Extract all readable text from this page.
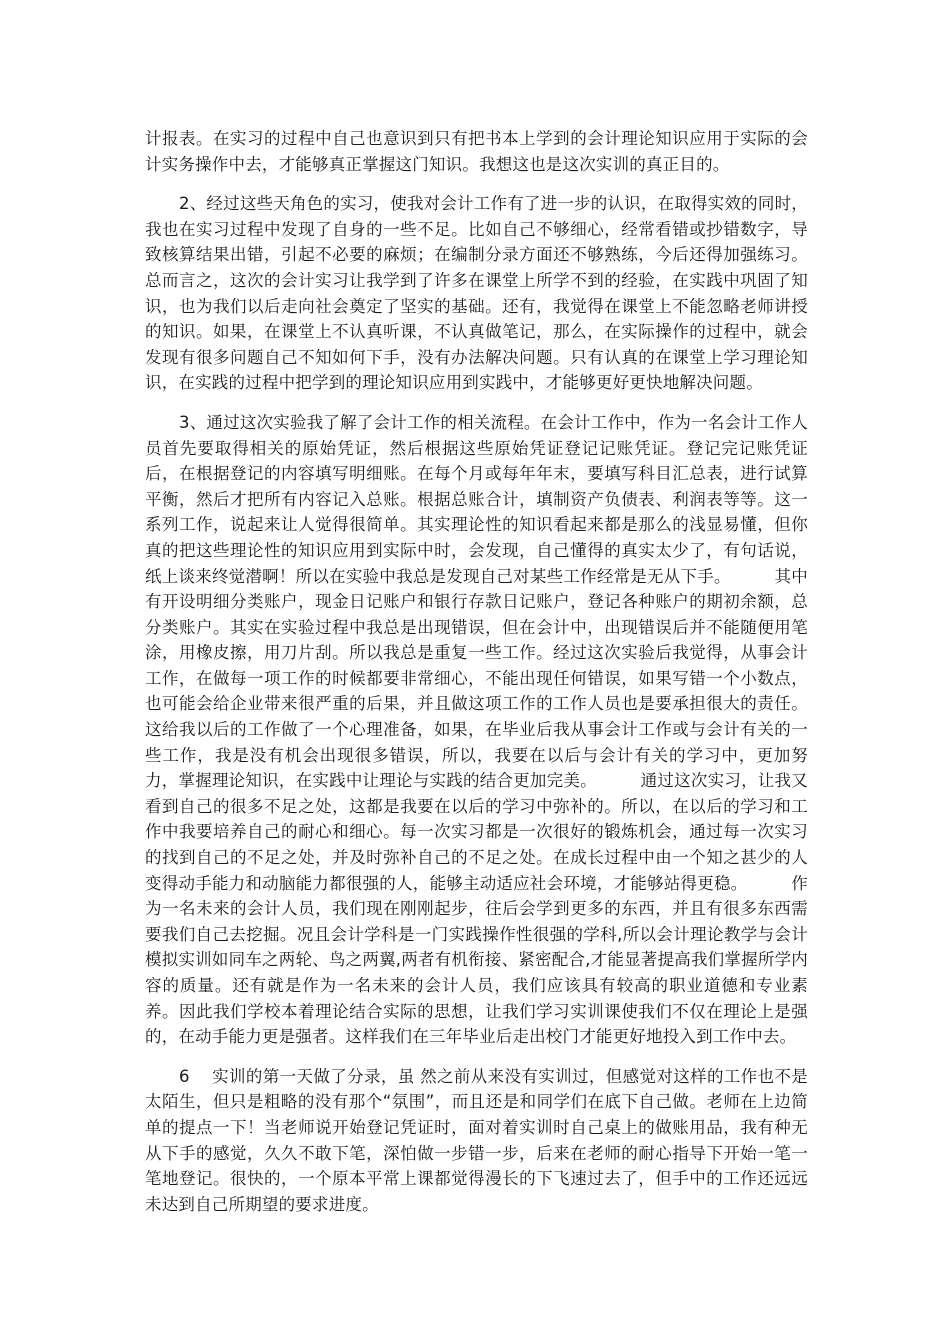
计报表。在实习的过程中自己也意识到只有把书本上学到的会计理论知识应用于实际的会计实务操作中去，才能够真正掌握这门知识。我想这也是这次实训的真正目的。

2、经过这些天角色的实习，使我对会计工作有了进一步的认识，在取得实效的同时，我也在实习过程中发现了自身的一些不足。比如自己不够细心，经常看错或抄错数字，导致核算结果出错，引起不必要的麻烦；在编制分录方面还不够熟练，今后还得加强练习。总而言之，这次的会计实习让我学到了许多在课堂上所学不到的经验，在实践中巩固了知识，也为我们以后走向社会奠定了坚实的基础。还有，我觉得在课堂上不能忽略老师讲授的知识。如果，在课堂上不认真听课，不认真做笔记，那么，在实际操作的过程中，就会发现有很多问题自己不知如何下手，没有办法解决问题。只有认真的在课堂上学习理论知识，在实践的过程中把学到的理论知识应用到实践中，才能够更好更快地解决问题。

3、通过这次实验我了解了会计工作的相关流程。在会计工作中，作为一名会计工作人员首先要取得相关的原始凭证，然后根据这些原始凭证登记记账凭证。登记完记账凭证后，在根据登记的内容填写明细账。在每个月或每年年末，要填写科目汇总表，进行试算平衡，然后才把所有内容记入总账。根据总账合计，填制资产负债表、利润表等等。这一系列工作，说起来让人觉得很简单。其实理论性的知识看起来都是那么的浅显易懂，但你真的把这些理论性的知识应用到实际中时，会发现，自己懂得的真实太少了，有句话说，纸上谈来终觉潜啊！所以在实验中我总是发现自己对某些工作经常是无从下手。        其中有开设明细分类账户，现金日记账户和银行存款日记账户，登记各种账户的期初余额，总分类账户。其实在实验过程中我总是出现错误，但在会计中，出现错误后并不能随便用笔涂，用橡皮擦，用刀片刮。所以我总是重复一些工作。经过这次实验后我觉得，从事会计工作，在做每一项工作的时候都要非常细心，不能出现任何错误，如果写错一个小数点，也可能会给企业带来很严重的后果，并且做这项工作的工作人员也是要承担很大的责任。这给我以后的工作做了一个心理准备，如果，在毕业后我从事会计工作或与会计有关的一些工作，我是没有机会出现很多错误，所以，我要在以后与会计有关的学习中，更加努力，掌握理论知识，在实践中让理论与实践的结合更加完美。        通过这次实习，让我又看到自己的很多不足之处，这都是我要在以后的学习中弥补的。所以，在以后的学习和工作中我要培养自己的耐心和细心。每一次实习都是一次很好的锻炼机会，通过每一次实习的找到自己的不足之处，并及时弥补自己的不足之处。在成长过程中由一个知之甚少的人变得动手能力和动脑能力都很强的人，能够主动适应社会环境，才能够站得更稳。        作为一名未来的会计人员，我们现在刚刚起步，往后会学到更多的东西，并且有很多东西需要我们自己去挖掘。况且会计学科是一门实践操作性很强的学科,所以会计理论教学与会计模拟实训如同车之两轮、鸟之两翼,两者有机衔接、紧密配合,才能显著提高我们掌握所学内容的质量。还有就是作为一名未来的会计人员，我们应该具有较高的职业道德和专业素养。因此我们学校本着理论结合实际的思想，让我们学习实训课使我们不仅在理论上是强的，在动手能力更是强者。这样我们在三年毕业后走出校门才能更好地投入到工作中去。

6    实训的第一天做了分录，虽 然之前从来没有实训过，但感觉对这样的工作也不是太陌生，但只是粗略的没有那个“氛围”，而且还是和同学们在底下自己做。老师在上边简单的提点一下！当老师说开始登记凭证时，面对着实训时自己桌上的做账用品，我有种无从下手的感觉，久久不敢下笔，深怕做一步错一步，后来在老师的耐心指导下开始一笔一笔地登记。很快的，一个原本平常上课都觉得漫长的下飞速过去了，但手中的工作还远远未达到自己所期望的要求进度。
